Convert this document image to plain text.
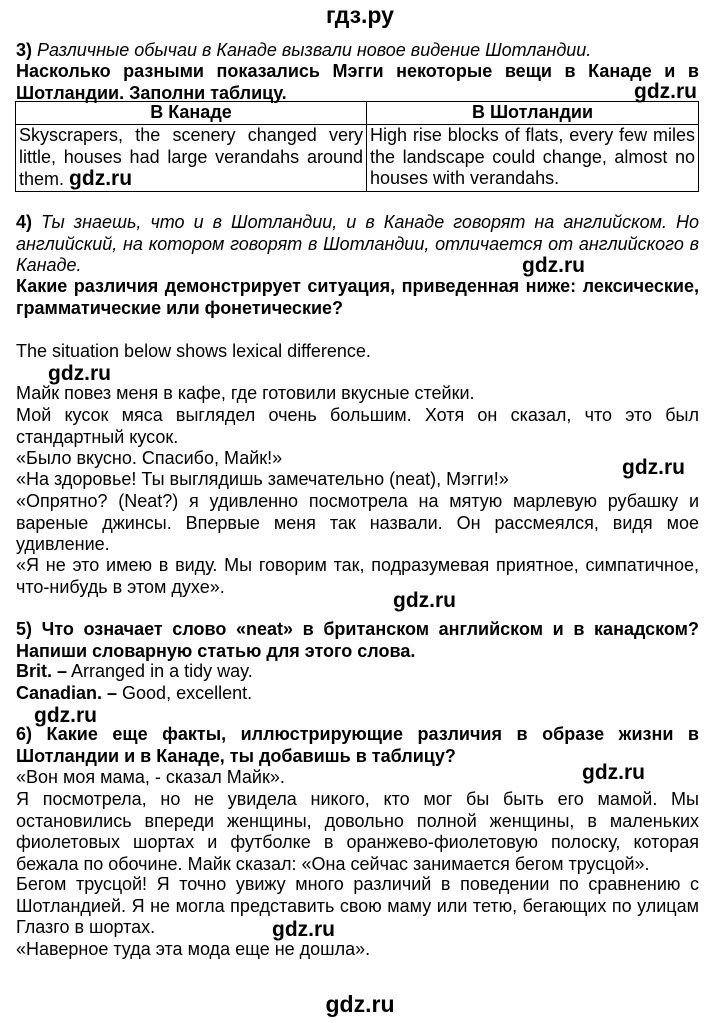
гдз.ру

3) Различные обычаи в Канаде вызвали новое видение Шотландии.

Насколько разными показались Мэгги некоторые вещи в Канаде и в Шотландии. Заполни таблицу.	gdz.ru
В Канаде	В Шотландии
Skyscrapers, the scenery changed very little, houses had large verandahs around them. gdz.ru	High rise blocks of flats, every few miles the landscape could change, almost no houses with verandahs.

4) Ты знаешь, что и в Шотландии, и в Канаде говорят на английском. Но английский, на котором говорят в Шотландии, отличается от английского в Канаде.	gdz.ru

Какие различия демонстрирует ситуация, приведенная ниже: лексические, грамматические или фонетические?

The situation below shows lexical difference.

gdz.ru

Майк повез меня в кафе, где готовили вкусные стейки.

Мой кусок мяса выглядел очень большим. Хотя он сказал, что это был стандартный кусок.

«Было вкусно. Спасибо, Майк!»	gdz.ru

«На здоровье! Ты выглядишь замечательно (neat), Мэгги!»

«Опрятно? (Neat?) я удивленно посмотрела на мятую марлевую рубашку и вареные джинсы. Впервые меня так назвали. Он рассмеялся, видя мое удивление.

«Я не это имею в виду. Мы говорим так, подразумевая приятное, симпатичное, что-нибудь в этом духе».

gdz.ru

5) Что означает слово «neat» в британском английском и в канадском? Напиши словарную статью для этого слова.

Brit. – Arranged in a tidy way.

Canadian. – Good, excellent.

gdz.ru

6) Какие еще факты, иллюстрирующие различия в образе жизни в Шотландии и в Канаде, ты добавишь в таблицу?

«Вон моя мама, - сказал Майк».	gdz.ru

Я посмотрела, но не увидела никого, кто мог бы быть его мамой. Мы остановились впереди женщины, довольно полной женщины, в маленьких фиолетовых шортах и футболке в оранжево-фиолетовую полоску, которая бежала по обочине. Майк сказал: «Она сейчас занимается бегом трусцой».

Бегом трусцой! Я точно увижу много различий в поведении по сравнению с Шотландией. Я не могла представить свою маму или тетю, бегающих по улицам Глазго в шортах.	gdz.ru

«Наверное туда эта мода еще не дошла».

gdz.ru
